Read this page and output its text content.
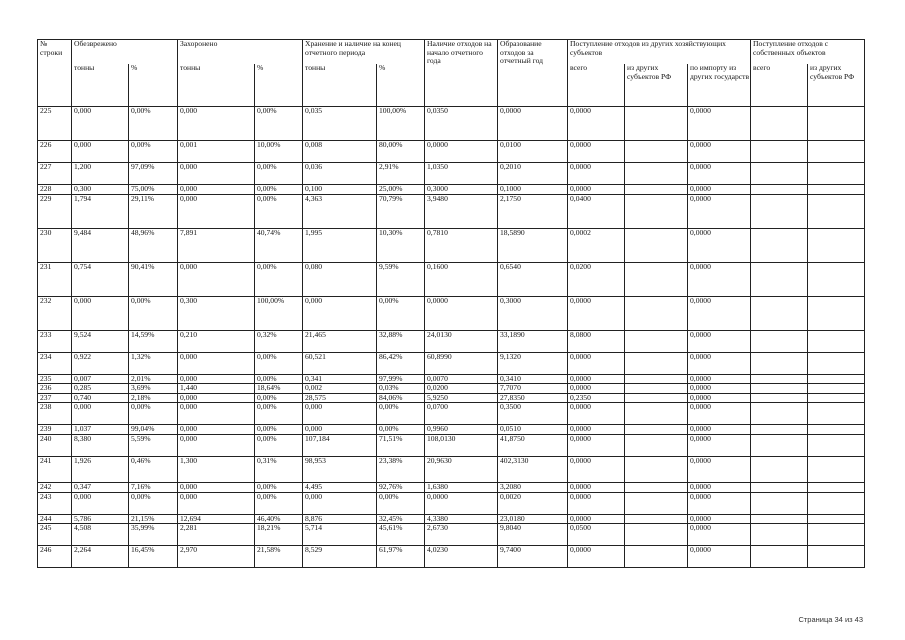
№ строки	Обезврежено		Захоронено		Хранение и наличие на конец отчетного периода		Наличие отходов на начало отчетного года	Образование отходов за отчетный год	Поступление отходов из других хозяйствующих субъектов			Поступление отходов с собственных объектов	
	тонны	%	тонны	%	тонны	%			всего	из других субъектов РФ	по импорту из других государств	всего	из других субъектов РФ
225	0,000	0,00%	0,000	0,00%	0,035	100,00%	0,0350	0,0000	0,0000		0,0000		
226	0,000	0,00%	0,001	10,00%	0,008	80,00%	0,0000	0,0100	0,0000		0,0000		
227	1,200	97,09%	0,000	0,00%	0,036	2,91%	1,0350	0,2010	0,0000		0,0000		
228	0,300	75,00%	0,000	0,00%	0,100	25,00%	0,3000	0,1000	0,0000		0,0000		
229	1,794	29,11%	0,000	0,00%	4,363	70,79%	3,9480	2,1750	0,0400		0,0000		
230	9,484	48,96%	7,891	40,74%	1,995	10,30%	0,7810	18,5890	0,0002		0,0000		
231	0,754	90,41%	0,000	0,00%	0,080	9,59%	0,1600	0,6540	0,0200		0,0000		
232	0,000	0,00%	0,300	100,00%	0,000	0,00%	0,0000	0,3000	0,0000		0,0000		
233	9,524	14,59%	0,210	0,32%	21,465	32,88%	24,0130	33,1890	8,0800		0,0000		
234	0,922	1,32%	0,000	0,00%	60,521	86,42%	60,8990	9,1320	0,0000		0,0000		
235	0,007	2,01%	0,000	0,00%	0,341	97,99%	0,0070	0,3410	0,0000		0,0000		
236	0,285	3,69%	1,440	18,64%	0,002	0,03%	0,0200	7,7070	0,0000		0,0000		
237	0,740	2,18%	0,000	0,00%	28,575	84,06%	5,9250	27,8350	0,2350		0,0000		
238	0,000	0,00%	0,000	0,00%	0,000	0,00%	0,0700	0,3500	0,0000		0,0000		
239	1,037	99,04%	0,000	0,00%	0,000	0,00%	0,9960	0,0510	0,0000		0,0000		
240	8,380	5,59%	0,000	0,00%	107,184	71,51%	108,0130	41,8750	0,0000		0,0000		
241	1,926	0,46%	1,300	0,31%	98,953	23,38%	20,9630	402,3130	0,0000		0,0000		
242	0,347	7,16%	0,000	0,00%	4,495	92,76%	1,6380	3,2080	0,0000		0,0000		
243	0,000	0,00%	0,000	0,00%	0,000	0,00%	0,0000	0,0020	0,0000		0,0000		
244	5,786	21,15%	12,694	46,40%	8,876	32,45%	4,3380	23,0180	0,0000		0,0000		
245	4,508	35,99%	2,281	18,21%	5,714	45,61%	2,6730	9,8040	0,0500		0,0000		
246	2,264	16,45%	2,970	21,58%	8,529	61,97%	4,0230	9,7400	0,0000		0,0000		
Страница 34 из 43
